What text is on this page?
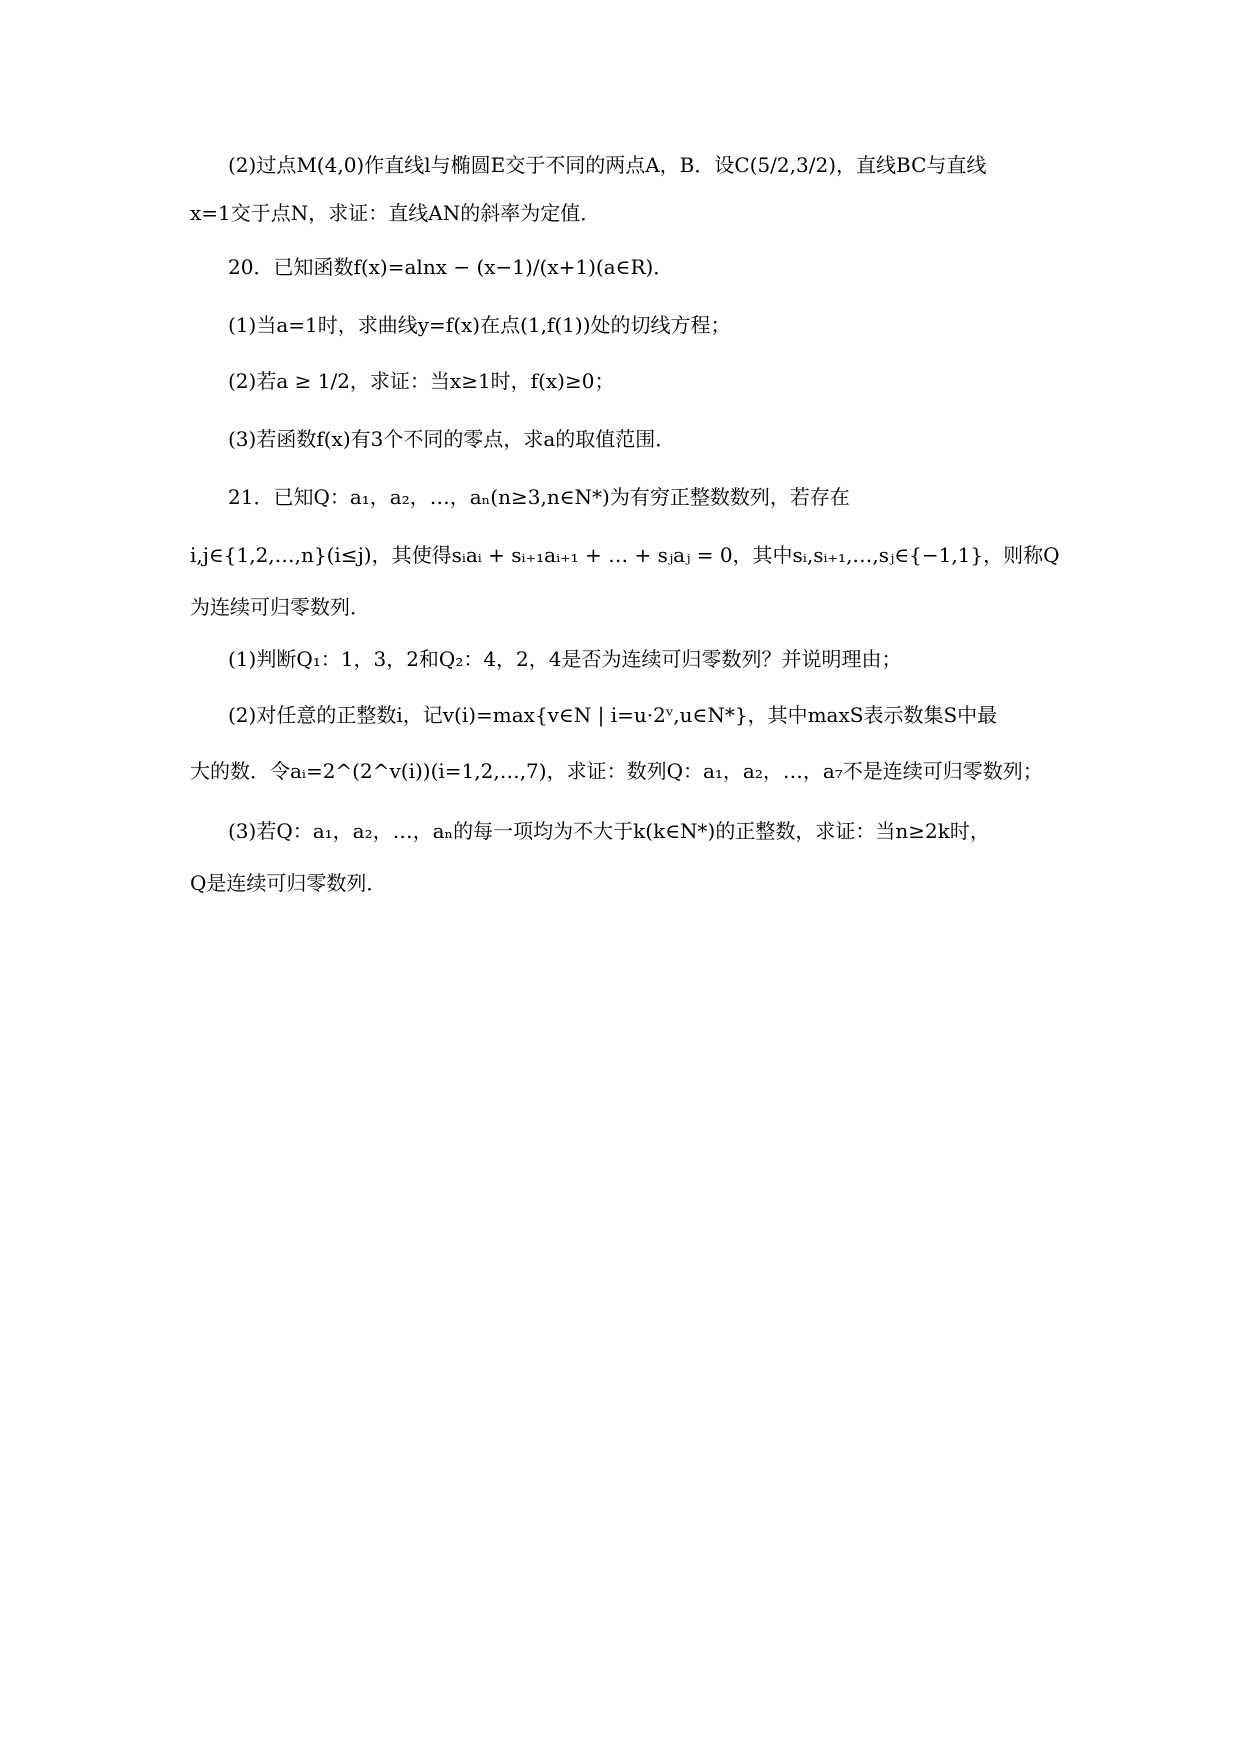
(2)过点M(4,0)作直线l与椭圆E交于不同的两点A，B．设C(5/2,3/2)，直线BC与直线
x=1交于点N，求证：直线AN的斜率为定值．
20．已知函数f(x)=alnx − (x−1)/(x+1)(a∈R)．
(1)当a=1时，求曲线y=f(x)在点(1,f(1))处的切线方程；
(2)若a ≥ 1/2，求证：当x≥1时，f(x)≥0；
(3)若函数f(x)有3个不同的零点，求a的取值范围．
21．已知Q：a₁，a₂，…，aₙ(n≥3,n∈N*)为有穷正整数数列，若存在
i,j∈{1,2,…,n}(i≤j)，其使得sᵢaᵢ + sᵢ₊₁aᵢ₊₁ + … + sⱼaⱼ = 0，其中sᵢ,sᵢ₊₁,…,sⱼ∈{−1,1}，则称Q
为连续可归零数列．
(1)判断Q₁：1，3，2和Q₂：4，2，4是否为连续可归零数列？并说明理由；
(2)对任意的正整数i，记v(i)=max{v∈N | i=u·2ᵛ,u∈N*}，其中maxS表示数集S中最
大的数．令aᵢ=2^(2^v(i))(i=1,2,…,7)，求证：数列Q：a₁，a₂，…，a₇不是连续可归零数列；
(3)若Q：a₁，a₂，…，aₙ的每一项均为不大于k(k∈N*)的正整数，求证：当n≥2k时，
Q是连续可归零数列．
